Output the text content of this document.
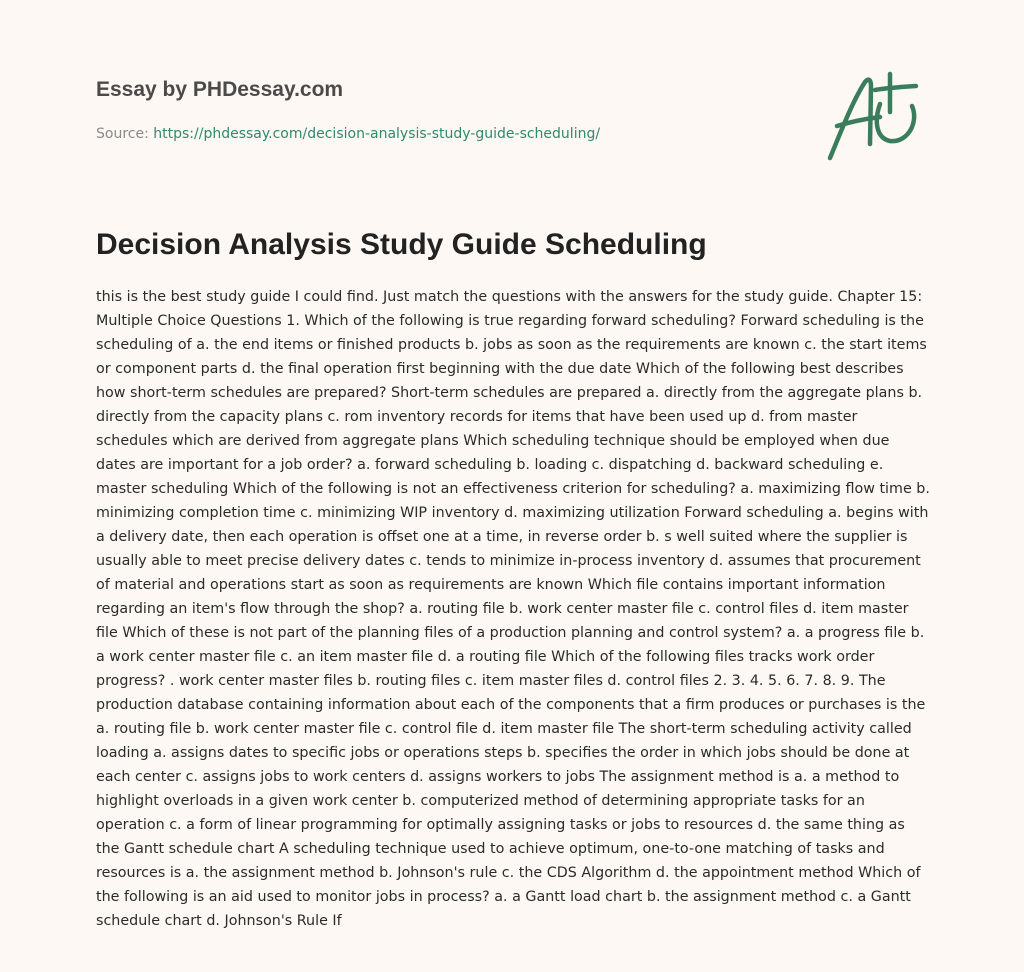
Essay by PHDessay.com
Source: https://phdessay.com/decision-analysis-study-guide-scheduling/
Decision Analysis Study Guide Scheduling

this is the best study guide I could find. Just match the questions with the answers for the study guide. Chapter 15: Multiple Choice Questions 1. Which of the following is true regarding forward scheduling? Forward scheduling is the scheduling of a. the end items or finished products b. jobs as soon as the requirements are known c. the start items or component parts d. the final operation first beginning with the due date Which of the following best describes how short-term schedules are prepared? Short-term schedules are prepared a. directly from the aggregate plans b. directly from the capacity plans c. rom inventory records for items that have been used up d. from master schedules which are derived from aggregate plans Which scheduling technique should be employed when due dates are important for a job order? a. forward scheduling b. loading c. dispatching d. backward scheduling e. master scheduling Which of the following is not an effectiveness criterion for scheduling? a. maximizing flow time b. minimizing completion time c. minimizing WIP inventory d. maximizing utilization Forward scheduling a. begins with a delivery date, then each operation is offset one at a time, in reverse order b. s well suited where the supplier is usually able to meet precise delivery dates c. tends to minimize in-process inventory d. assumes that procurement of material and operations start as soon as requirements are known Which file contains important information regarding an item's flow through the shop? a. routing file b. work center master file c. control files d. item master file Which of these is not part of the planning files of a production planning and control system? a. a progress file b. a work center master file c. an item master file d. a routing file Which of the following files tracks work order progress? . work center master files b. routing files c. item master files d. control files 2. 3. 4. 5. 6. 7. 8. 9. The production database containing information about each of the components that a firm produces or purchases is the a. routing file b. work center master file c. control file d. item master file The short-term scheduling activity called loading a. assigns dates to specific jobs or operations steps b. specifies the order in which jobs should be done at each center c. assigns jobs to work centers d. assigns workers to jobs The assignment method is a. a method to highlight overloads in a given work center b. computerized method of determining appropriate tasks for an operation c. a form of linear programming for optimally assigning tasks or jobs to resources d. the same thing as the Gantt schedule chart A scheduling technique used to achieve optimum, one-to-one matching of tasks and resources is a. the assignment method b. Johnson's rule c. the CDS Algorithm d. the appointment method Which of the following is an aid used to monitor jobs in process? a. a Gantt load chart b. the assignment method c. a Gantt schedule chart d. Johnson's Rule If
